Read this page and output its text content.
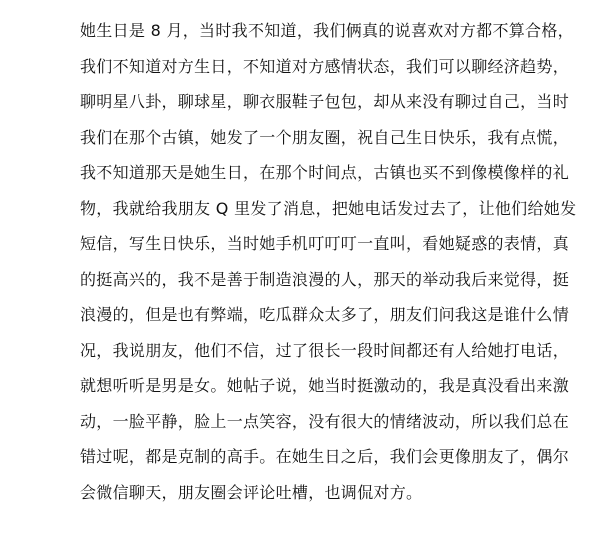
她生日是 8 月，当时我不知道，我们俩真的说喜欢对方都不算合格，
我们不知道对方生日，不知道对方感情状态，我们可以聊经济趋势，
聊明星八卦，聊球星，聊衣服鞋子包包，却从来没有聊过自己，当时
我们在那个古镇，她发了一个朋友圈，祝自己生日快乐，我有点慌，
我不知道那天是她生日，在那个时间点，古镇也买不到像模像样的礼
物，我就给我朋友 Q 里发了消息，把她电话发过去了，让他们给她发
短信，写生日快乐，当时她手机叮叮叮一直叫，看她疑惑的表情，真
的挺高兴的，我不是善于制造浪漫的人，那天的举动我后来觉得，挺
浪漫的，但是也有弊端，吃瓜群众太多了，朋友们问我这是谁什么情
况，我说朋友，他们不信，过了很长一段时间都还有人给她打电话，
就想听听是男是女。她帖子说，她当时挺激动的，我是真没看出来激
动，一脸平静，脸上一点笑容，没有很大的情绪波动，所以我们总在
错过呢，都是克制的高手。在她生日之后，我们会更像朋友了，偶尔
会微信聊天，朋友圈会评论吐槽，也调侃对方。
